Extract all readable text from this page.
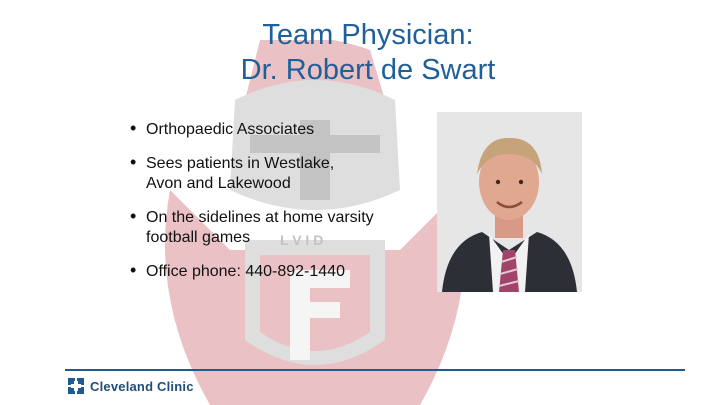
L V I D
Team Physician:
Dr. Robert de Swart
• Orthopaedic Associates
• Sees patients in Westlake,
Avon and Lakewood
• On the sidelines at home varsity
football games
• Office phone: 440-892-1440
Cleveland Clinic
